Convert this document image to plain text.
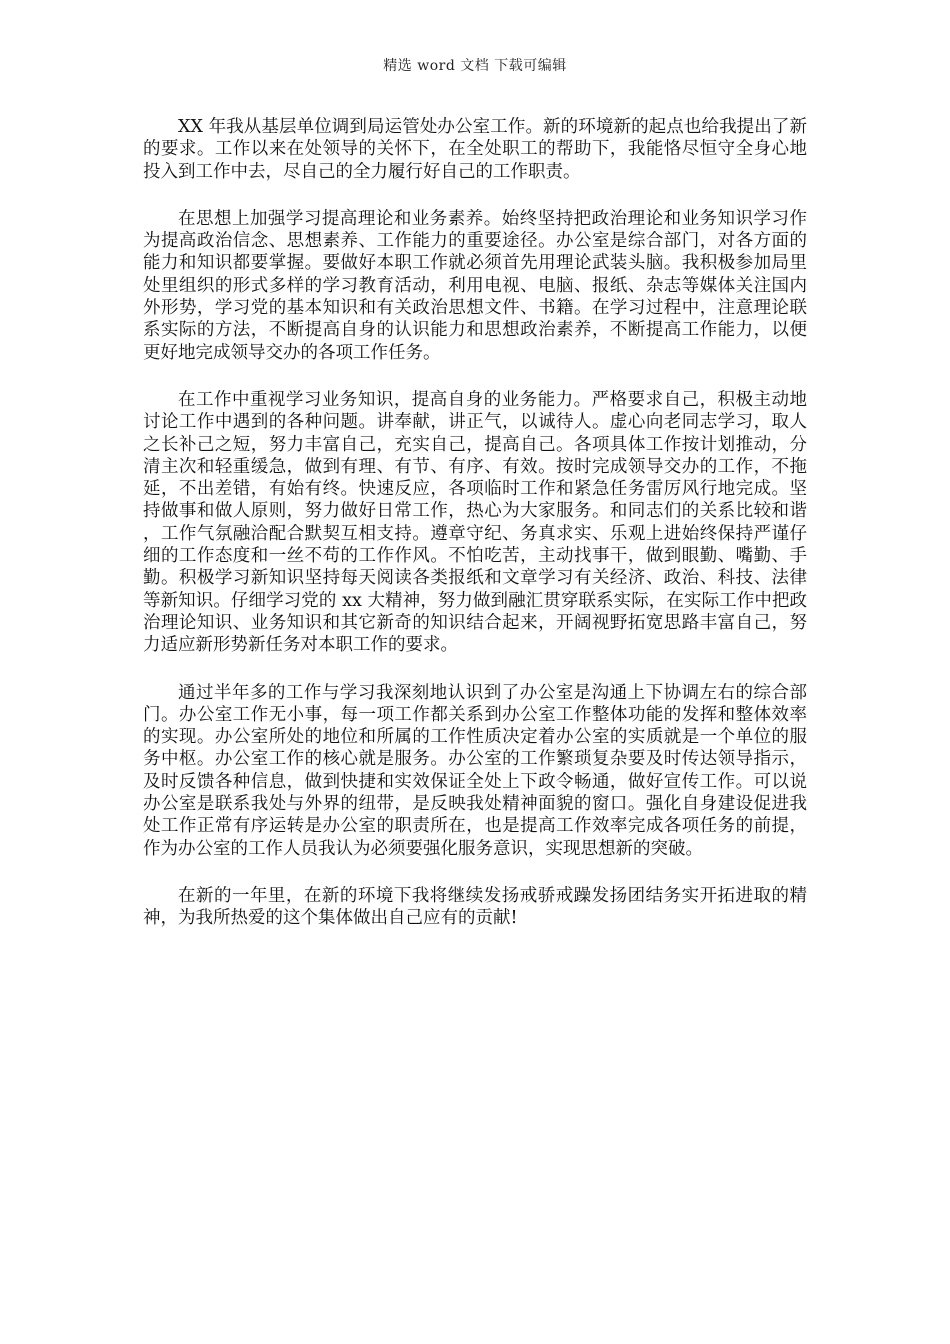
精选 word 文档 下载可编辑

XX 年我从基层单位调到局运管处办公室工作。新的环境新的起点也给我提出了新的要求。工作以来在处领导的关怀下，在全处职工的帮助下，我能恪尽恒守全身心地投入到工作中去，尽自己的全力履行好自己的工作职责。

在思想上加强学习提高理论和业务素养。始终坚持把政治理论和业务知识学习作为提高政治信念、思想素养、工作能力的重要途径。办公室是综合部门，对各方面的能力和知识都要掌握。要做好本职工作就必须首先用理论武装头脑。我积极参加局里处里组织的形式多样的学习教育活动，利用电视、电脑、报纸、杂志等媒体关注国内外形势，学习党的基本知识和有关政治思想文件、书籍。在学习过程中，注意理论联系实际的方法，不断提高自身的认识能力和思想政治素养，不断提高工作能力，以便更好地完成领导交办的各项工作任务。

在工作中重视学习业务知识，提高自身的业务能力。严格要求自己，积极主动地讨论工作中遇到的各种问题。讲奉献，讲正气，以诚待人。虚心向老同志学习，取人之长补己之短，努力丰富自己，充实自己，提高自己。各项具体工作按计划推动，分清主次和轻重缓急，做到有理、有节、有序、有效。按时完成领导交办的工作，不拖延，不出差错，有始有终。快速反应，各项临时工作和紧急任务雷厉风行地完成。坚持做事和做人原则，努力做好日常工作，热心为大家服务。和同志们的关系比较和谐，工作气氛融洽配合默契互相支持。遵章守纪、务真求实、乐观上进始终保持严谨仔细的工作态度和一丝不苟的工作作风。不怕吃苦，主动找事干，做到眼勤、嘴勤、手勤。积极学习新知识坚持每天阅读各类报纸和文章学习有关经济、政治、科技、法律等新知识。仔细学习党的 xx 大精神，努力做到融汇贯穿联系实际，在实际工作中把政治理论知识、业务知识和其它新奇的知识结合起来，开阔视野拓宽思路丰富自己，努力适应新形势新任务对本职工作的要求。

通过半年多的工作与学习我深刻地认识到了办公室是沟通上下协调左右的综合部门。办公室工作无小事，每一项工作都关系到办公室工作整体功能的发挥和整体效率的实现。办公室所处的地位和所属的工作性质决定着办公室的实质就是一个单位的服务中枢。办公室工作的核心就是服务。办公室的工作繁琐复杂要及时传达领导指示，及时反馈各种信息，做到快捷和实效保证全处上下政令畅通，做好宣传工作。可以说办公室是联系我处与外界的纽带，是反映我处精神面貌的窗口。强化自身建设促进我处工作正常有序运转是办公室的职责所在，也是提高工作效率完成各项任务的前提，作为办公室的工作人员我认为必须要强化服务意识，实现思想新的突破。

在新的一年里，在新的环境下我将继续发扬戒骄戒躁发扬团结务实开拓进取的精神，为我所热爱的这个集体做出自己应有的贡献!
